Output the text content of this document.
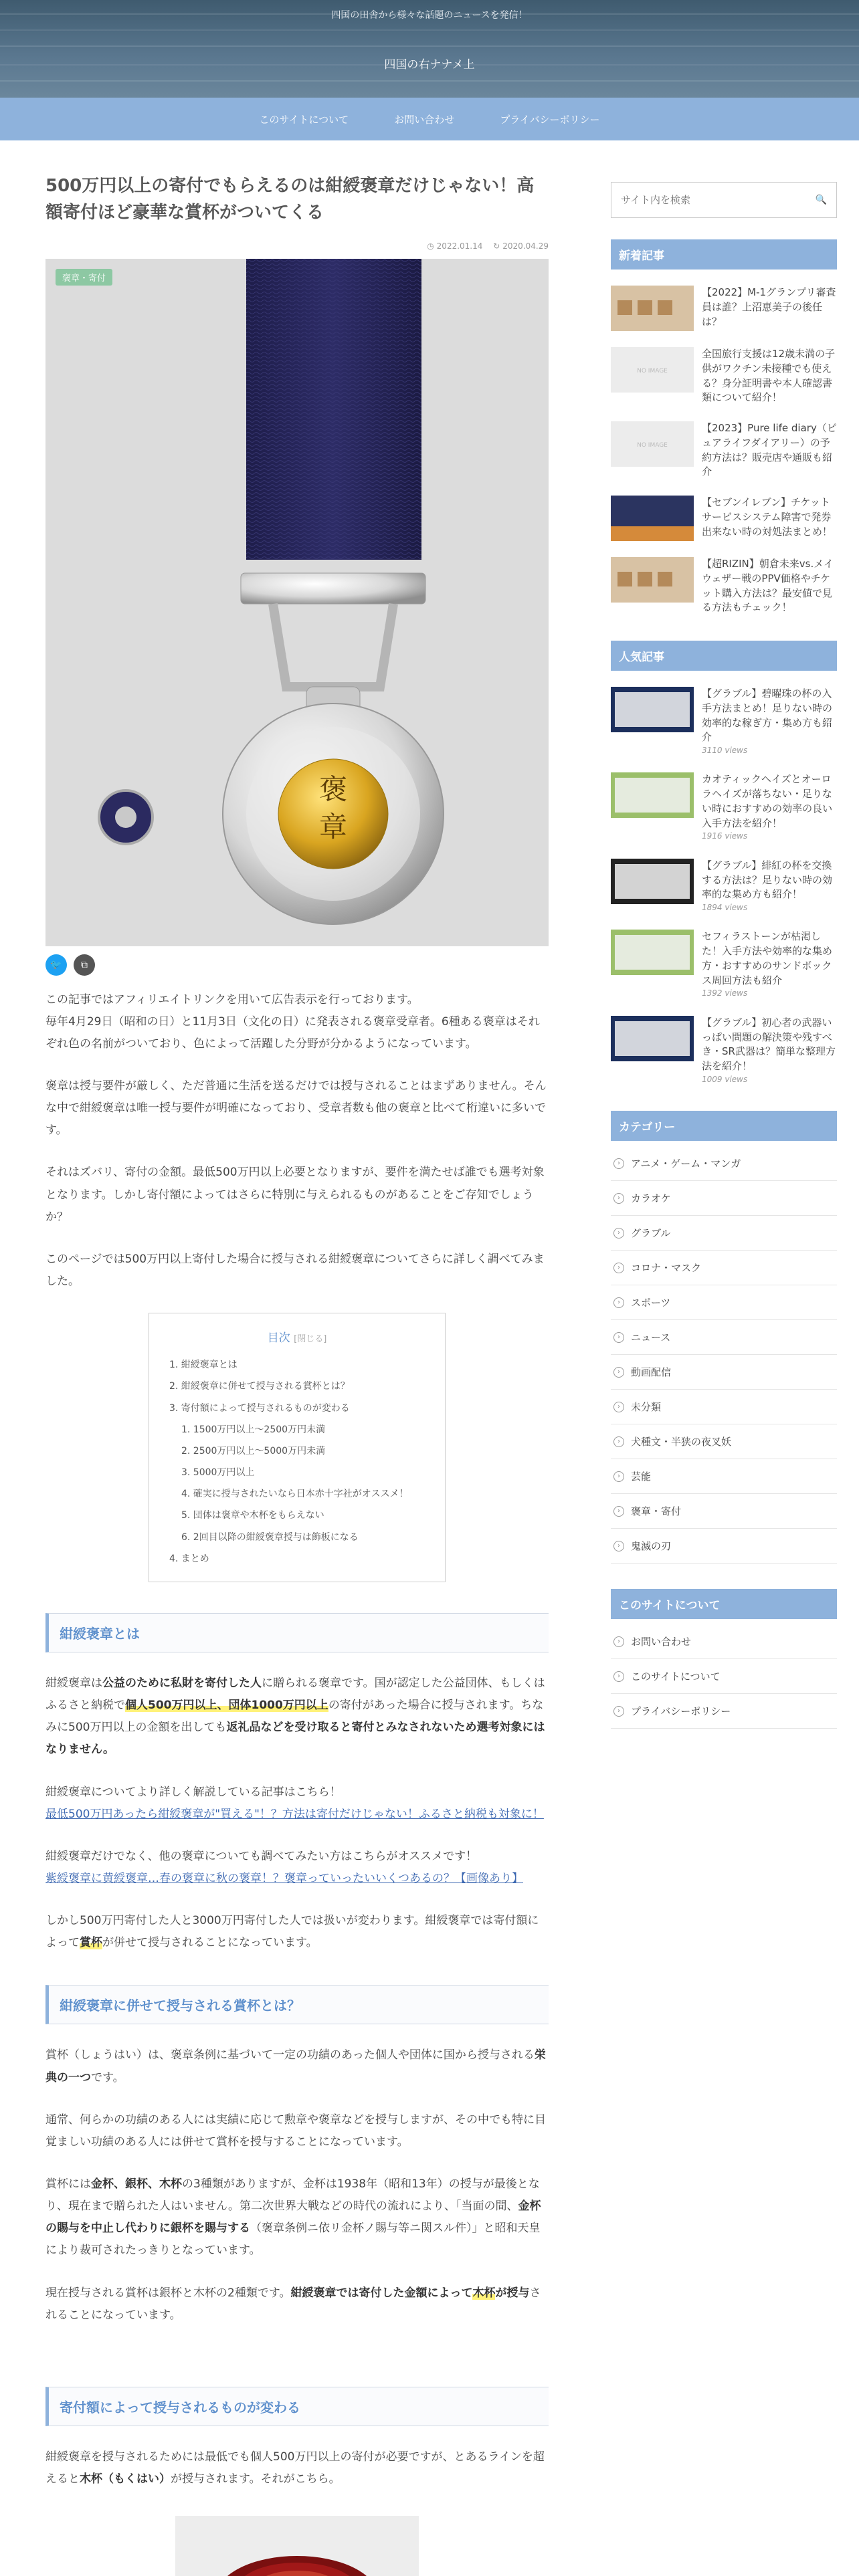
四国の田舎から様々な話題のニュースを発信！
四国の右ナナメ上
このサイトについて	お問い合わせ	プライバシーポリシー
500万円以上の寄付でもらえるのは紺綬褒章だけじゃない！高額寄付ほど豪華な賞杯がついてくる
◷ 2022.01.14 ↻ 2020.04.29
褒
章
褒章・寄付
🐦 ⧉

この記事ではアフィリエイトリンクを用いて広告表示を行っております。
毎年4月29日（昭和の日）と11月3日（文化の日）に発表される褒章受章者。6種ある褒章はそれぞれ色の名前がついており、色によって活躍した分野が分かるようになっています。

褒章は授与要件が厳しく、ただ普通に生活を送るだけでは授与されることはまずありません。そんな中で紺綬褒章は唯一授与要件が明確になっており、受章者数も他の褒章と比べて桁違いに多いです。

それはズバリ、寄付の金額。最低500万円以上必要となりますが、要件を満たせば誰でも選考対象となります。しかし寄付額によってはさらに特別に与えられるものがあることをご存知でしょうか？

このページでは500万円以上寄付した場合に授与される紺綬褒章についてさらに詳しく調べてみました。

目次 [閉じる]
1. 紺綬褒章とは
2. 紺綬褒章に併せて授与される賞杯とは？
3. 寄付額によって授与されるものが変わる
1. 1500万円以上〜2500万円未満
2. 2500万円以上〜5000万円未満
3. 5000万円以上
4. 確実に授与されたいなら日本赤十字社がオススメ！
5. 団体は褒章や木杯をもらえない
6. 2回目以降の紺綬褒章授与は飾板になる
4. まとめ
紺綬褒章とは

紺綬褒章は公益のために私財を寄付した人に贈られる褒章です。国が認定した公益団体、もしくはふるさと納税で個人500万円以上、団体1000万円以上の寄付があった場合に授与されます。ちなみに500万円以上の金額を出しても返礼品などを受け取ると寄付とみなされないため選考対象にはなりません。

紺綬褒章についてより詳しく解説している記事はこちら！
最低500万円あったら紺綬褒章が"買える"！？方法は寄付だけじゃない！ふるさと納税も対象に！

紺綬褒章だけでなく、他の褒章についても調べてみたい方はこちらがオススメです！
紫綬褒章に黄綬褒章…春の褒章に秋の褒章！？褒章っていったいいくつあるの？【画像あり】

しかし500万円寄付した人と3000万円寄付した人では扱いが変わります。紺綬褒章では寄付額によって賞杯が併せて授与されることになっています。

紺綬褒章に併せて授与される賞杯とは？

賞杯（しょうはい）は、褒章条例に基づいて一定の功績のあった個人や団体に国から授与される栄典の一つです。

通常、何らかの功績のある人には実績に応じて勲章や褒章などを授与しますが、その中でも特に目覚ましい功績のある人には併せて賞杯を授与することになっています。

賞杯には金杯、銀杯、木杯の3種類がありますが、金杯は1938年（昭和13年）の授与が最後となり、現在まで贈られた人はいません。第二次世界大戦などの時代の流れにより、「当面の間、金杯の賜与を中止し代わりに銀杯を賜与する（褒章条例ニ依リ金杯ノ賜与等ニ関スル件）」と昭和天皇により裁可されたっきりとなっています。

現在授与される賞杯は銀杯と木杯の2種類です。紺綬褒章では寄付した金額によって木杯が授与されることになっています。

寄付額によって授与されるものが変わる

紺綬褒章を授与されるためには最低でも個人500万円以上の寄付が必要ですが、とあるラインを超えると木杯（もくはい）が授与されます。それがこちら。

サイト内を検索
🔍
新着記事
【2022】M-1グランプリ審査員は誰？上沼恵美子の後任は？
NO IMAGE
全国旅行支援は12歳未満の子供がワクチン未接種でも使える？身分証明書や本人確認書類について紹介！
NO IMAGE
【2023】Pure life diary（ピュアライフダイアリー）の予約方法は？販売店や通販も紹介
【セブンイレブン】チケットサービスシステム障害で発券出来ない時の対処法まとめ！
【超RIZIN】朝倉未来vs.メイウェザー戦のPPV価格やチケット購入方法は？最安値で見る方法もチェック！
人気記事
【グラブル】碧曜珠の杯の入手方法まとめ！足りない時の効率的な稼ぎ方・集め方も紹介
3110 views
カオティックヘイズとオーロラヘイズが落ちない・足りない時におすすめの効率の良い入手方法を紹介！
1916 views
【グラブル】緋紅の杯を交換する方法は？足りない時の効率的な集め方も紹介！
1894 views
セフィラストーンが枯渇した！入手方法や効率的な集め方・おすすめのサンドボックス周回方法も紹介
1392 views
【グラブル】初心者の武器いっぱい問題の解決策や残すべき・SR武器は？簡単な整理方法を紹介！
1009 views
カテゴリー
›	アニメ・ゲーム・マンガ
›	カラオケ
›	グラブル
›	コロナ・マスク
›	スポーツ
›	ニュース
›	動画配信
›	未分類
›	犬種文・半狭の夜叉妖
›	芸能
›	褒章・寄付
›	鬼滅の刃
このサイトについて
›	お問い合わせ
›	このサイトについて
›	プライバシーポリシー
